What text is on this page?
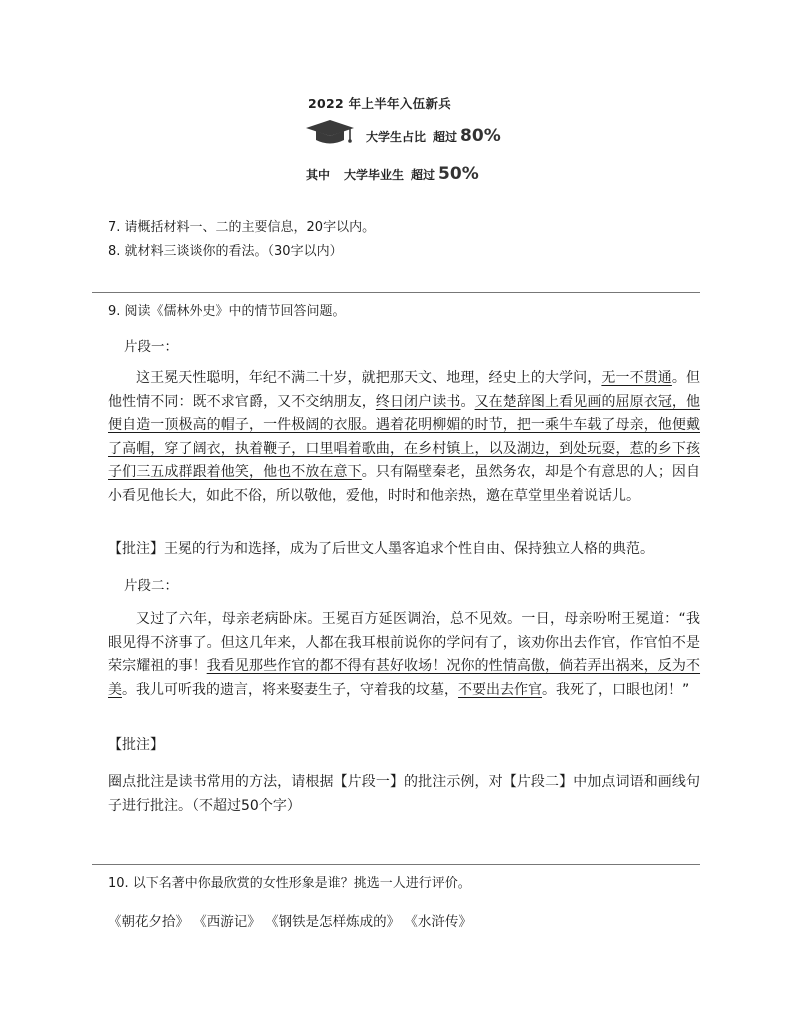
2022 年上半年入伍新兵
大学生占比 超过 80%
其中 大学毕业生 超过 50%
7. 请概括材料一、二的主要信息，20字以内。
8. 就材料三谈谈你的看法。（30字以内）
9. 阅读《儒林外史》中的情节回答问题。
片段一：
这王冕天性聪明，年纪不满二十岁，就把那天文、地理，经史上的大学问，无一不贯通。但他性情不同：既不求官爵，又不交纳朋友，终日闭户读书。又在楚辞图上看见画的屈原衣冠，他便自造一顶极高的帽子，一件极阔的衣服。遇着花明柳媚的时节，把一乘牛车载了母亲，他便戴了高帽，穿了阔衣，执着鞭子，口里唱着歌曲，在乡村镇上，以及湖边，到处玩耍，惹的乡下孩子们三五成群跟着他笑，他也不放在意下。只有隔壁秦老，虽然务农，却是个有意思的人；因自小看见他长大，如此不俗，所以敬他，爱他，时时和他亲热，邀在草堂里坐着说话儿。
【批注】王冕的行为和选择，成为了后世文人墨客追求个性自由、保持独立人格的典范。
片段二：
又过了六年，母亲老病卧床。王冕百方延医调治，总不见效。一日，母亲吩咐王冕道：“我眼见得不济事了。但这几年来，人都在我耳根前说你的学问有了，该劝你出去作官，作官怕不是荣宗耀祖的事！我看见那些作官的都不得有甚好收场！况你的性情高傲，倘若弄出祸来，反为不美。我儿可听我的遗言，将来娶妻生子，守着我的坟墓，不要出去作官。我死了，口眼也闭！”
【批注】
圈点批注是读书常用的方法，请根据【片段一】的批注示例，对【片段二】中加点词语和画线句子进行批注。（不超过50个字）
10. 以下名著中你最欣赏的女性形象是谁？挑选一人进行评价。
《朝花夕拾》 《西游记》 《钢铁是怎样炼成的》 《水浒传》
